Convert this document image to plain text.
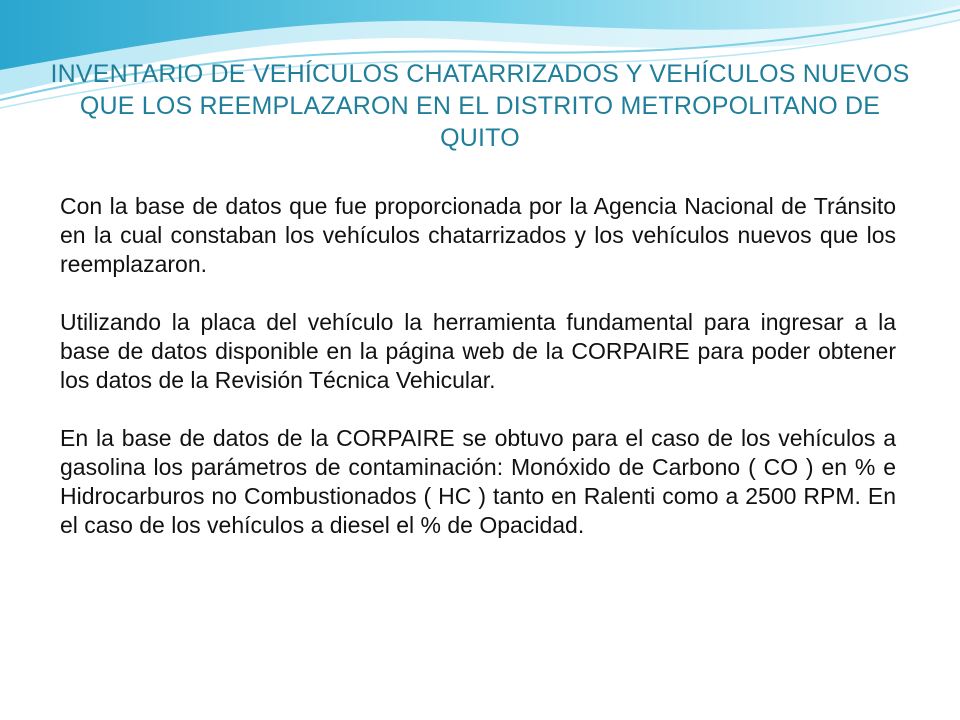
INVENTARIO DE VEHÍCULOS CHATARRIZADOS Y VEHÍCULOS NUEVOS QUE LOS REEMPLAZARON EN EL DISTRITO METROPOLITANO DE QUITO

Con la base de datos que fue proporcionada por la Agencia Nacional de Tránsito en la cual constaban los vehículos chatarrizados y los vehículos nuevos que los reemplazaron.

Utilizando la placa del vehículo la herramienta fundamental para ingresar a la base de datos disponible en la página web de la CORPAIRE para poder obtener los datos de la Revisión Técnica Vehicular.

En la base de datos de la CORPAIRE se obtuvo para el caso de los vehículos a gasolina los parámetros de contaminación: Monóxido de Carbono ( CO ) en % e Hidrocarburos no Combustionados ( HC ) tanto en Ralenti como a 2500 RPM. En el caso de los vehículos a diesel el % de Opacidad.
